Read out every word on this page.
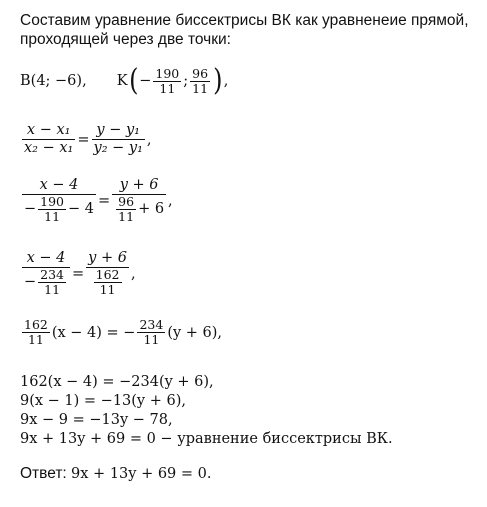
Составим уравнение биссектрисы ВК как уравненеие прямой,
проходящей через две точки:
B(4; −6), K ( − $\frac{190}{11}$ ; $\frac{96}{11}$ ) ,
$\frac{\text{x − x₁}}{\text{x₂ − x₁}} = \frac{\text{y − y₁}}{\text{y₂ − y₁}}$ ,
x − 4
− $\frac{190}{11} - 4$
= $\frac{y + 6}{\frac{96}{11} + 6}$ ,
$\frac{x - 4}{- \frac{234}{11}} = \frac{y + 6}{\frac{162}{11}}$ ,
$\frac{162}{11} (x - 4)$ = − $\frac{234}{11} (y + 6)$,
162(x − 4) = −234(y + 6),
9(x − 1) = −13(y + 6),
9x − 9 = −13y − 78,
9x + 13y + 69 = 0 − уравнение биссектрисы ВК.
Ответ: 9x + 13y + 69 = 0.
